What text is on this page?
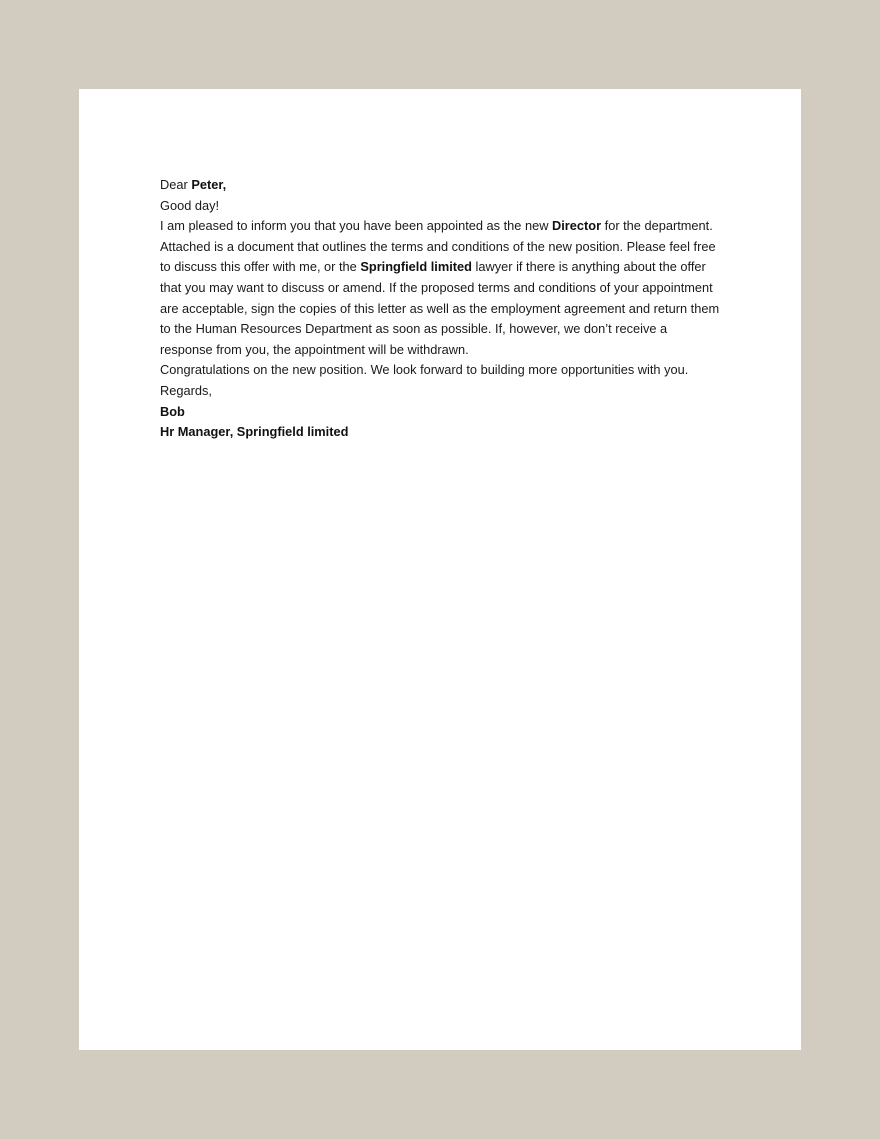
Dear Peter,

Good day!

I am pleased to inform you that you have been appointed as the new Director for the department. Attached is a document that outlines the terms and conditions of the new position. Please feel free to discuss this offer with me, or the Springfield limited lawyer if there is anything about the offer that you may want to discuss or amend. If the proposed terms and conditions of your appointment are acceptable, sign the copies of this letter as well as the employment agreement and return them to the Human Resources Department as soon as possible. If, however, we don’t receive a response from you, the appointment will be withdrawn.

Congratulations on the new position. We look forward to building more opportunities with you.

Regards,

Bob

Hr Manager, Springfield limited
